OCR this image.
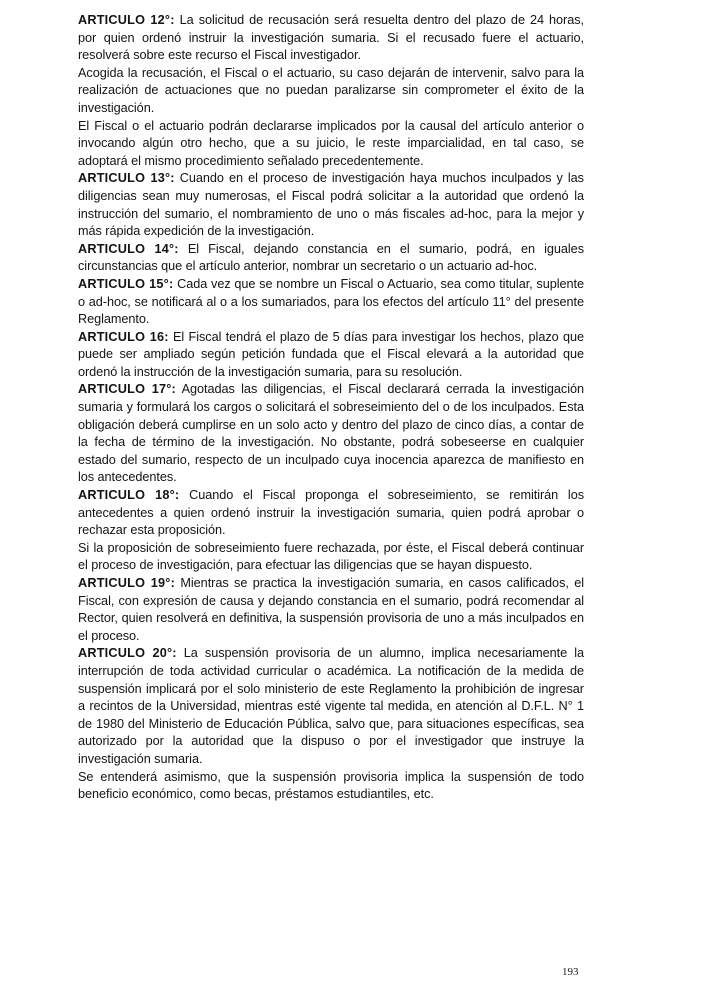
ARTICULO 12°: La solicitud de recusación será resuelta dentro del plazo de 24 horas, por quien ordenó instruir la investigación sumaria. Si el recusado fuere el actuario, resolverá sobre este recurso el Fiscal investigador.

Acogida la recusación, el Fiscal o el actuario, su caso dejarán de intervenir, salvo para la realización de actuaciones que no puedan paralizarse sin comprometer el éxito de la investigación.

El Fiscal o el actuario podrán declararse implicados por la causal del artículo anterior o invocando algún otro hecho, que a su juicio, le reste imparcialidad, en tal caso, se adoptará el mismo procedimiento señalado precedentemente.

ARTICULO 13°: Cuando en el proceso de investigación haya muchos inculpados y las diligencias sean muy numerosas, el Fiscal podrá solicitar a la autoridad que ordenó la instrucción del sumario, el nombramiento de uno o más fiscales ad-hoc, para la mejor y más rápida expedición de la investigación.

ARTICULO 14°: El Fiscal, dejando constancia en el sumario, podrá, en iguales circunstancias que el artículo anterior, nombrar un secretario o un actuario ad-hoc.

ARTICULO 15°: Cada vez que se nombre un Fiscal o Actuario, sea como titular, suplente o ad-hoc, se notificará al o a los sumariados, para los efectos del artículo 11° del presente Reglamento.

ARTICULO 16: El Fiscal tendrá el plazo de 5 días para investigar los hechos, plazo que puede ser ampliado según petición fundada que el Fiscal elevará a la autoridad que ordenó la instrucción de la investigación sumaria, para su resolución.

ARTICULO 17°: Agotadas las diligencias, el Fiscal declarará cerrada la investigación sumaria y formulará los cargos o solicitará el sobreseimiento del o de los inculpados. Esta obligación deberá cumplirse en un solo acto y dentro del plazo de cinco días, a contar de la fecha de término de la investigación. No obstante, podrá sobeseerse en cualquier estado del sumario, respecto de un inculpado cuya inocencia aparezca de manifiesto en los antecedentes.

ARTICULO 18°: Cuando el Fiscal proponga el sobreseimiento, se remitirán los antecedentes a quien ordenó instruir la investigación sumaria, quien podrá aprobar o rechazar esta proposición.

Si la proposición de sobreseimiento fuere rechazada, por éste, el Fiscal deberá continuar el proceso de investigación, para efectuar las diligencias que se hayan dispuesto.

ARTICULO 19°: Mientras se practica la investigación sumaria, en casos calificados, el Fiscal, con expresión de causa y dejando constancia en el sumario, podrá recomendar al Rector, quien resolverá en definitiva, la suspensión provisoria de uno a más inculpados en el proceso.

ARTICULO 20°: La suspensión provisoria de un alumno, implica necesariamente la interrupción de toda actividad curricular o académica. La notificación de la medida de suspensión implicará por el solo ministerio de este Reglamento la prohibición de ingresar a recintos de la Universidad, mientras esté vigente tal medida, en atención al D.F.L. N° 1 de 1980 del Ministerio de Educación Pública, salvo que, para situaciones específicas, sea autorizado por la autoridad que la dispuso o por el investigador que instruye la investigación sumaria.

Se entenderá asimismo, que la suspensión provisoria implica la suspensión de todo beneficio económico, como becas, préstamos estudiantiles, etc.

193
